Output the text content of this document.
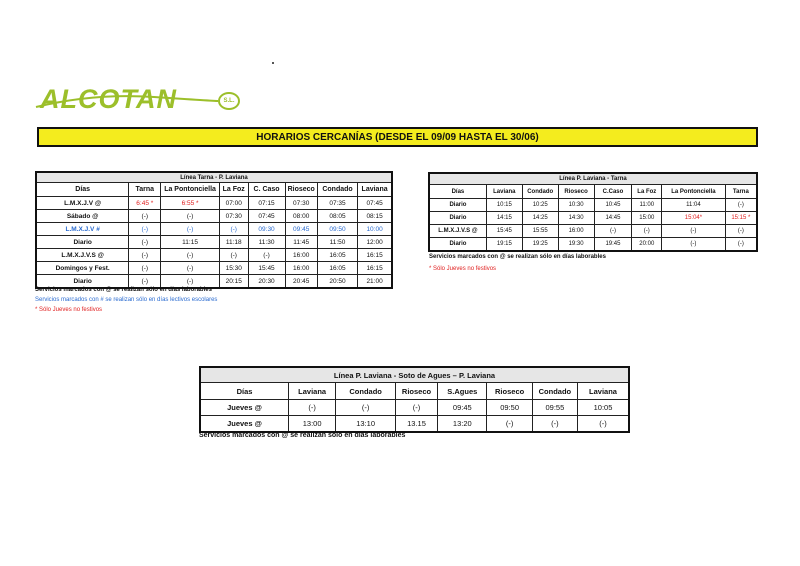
ALCOTAN	S.L.
HORARIOS CERCANÍAS (DESDE EL 09/09 HASTA EL 30/06)
Línea Tarna - P. Laviana							
Días	Tarna	La Pontonciella	La Foz	C. Caso	Rioseco	Condado	Laviana
L.M.X.J.V @	6:45 *	6:55 *	07:00	07:15	07:30	07:35	07:45
Sábado @	(-)	(-)	07:30	07:45	08:00	08:05	08:15
L.M.X.J.V #	(-)	(-)	(-)	09:30	09:45	09:50	10:00
Diario	(-)	11:15	11:18	11:30	11:45	11:50	12:00
L.M.X.J.V.S @	(-)	(-)	(-)	(-)	16:00	16:05	16:15
Domingos y Fest.	(-)	(-)	15:30	15:45	16:00	16:05	16:15
Diario	(-)	(-)	20:15	20:30	20:45	20:50	21:00
Línea P. Laviana - Tarna							
Días	Laviana	Condado	Rioseco	C.Caso	La Foz	La Pontonciella	Tarna
Diario	10:15	10:25	10:30	10:45	11:00	11:04	(-)
Diario	14:15	14:25	14:30	14:45	15:00	15:04*	15:15 *
L.M.X.J.V.S @	15:45	15:55	16:00	(-)	(-)	(-)	(-)
Diario	19:15	19:25	19:30	19:45	20:00	(-)	(-)
Línea P. Laviana - Soto de Agues – P. Laviana							
Días	Laviana	Condado	Rioseco	S.Agues	Rioseco	Condado	Laviana
Jueves @	(-)	(-)	(-)	09:45	09:50	09:55	10:05
Jueves @	13:00	13:10	13.15	13:20	(-)	(-)	(-)
Servicios marcados con @ se realizan sólo en días laborables
Servicios marcados con # se realizan sólo en días lectivos escolares
* Sólo Jueves no festivos
Servicios marcados con @ se realizan sólo en días laborables
* Sólo Jueves no festivos
Servicios marcados con @ se realizan sólo en días laborables
